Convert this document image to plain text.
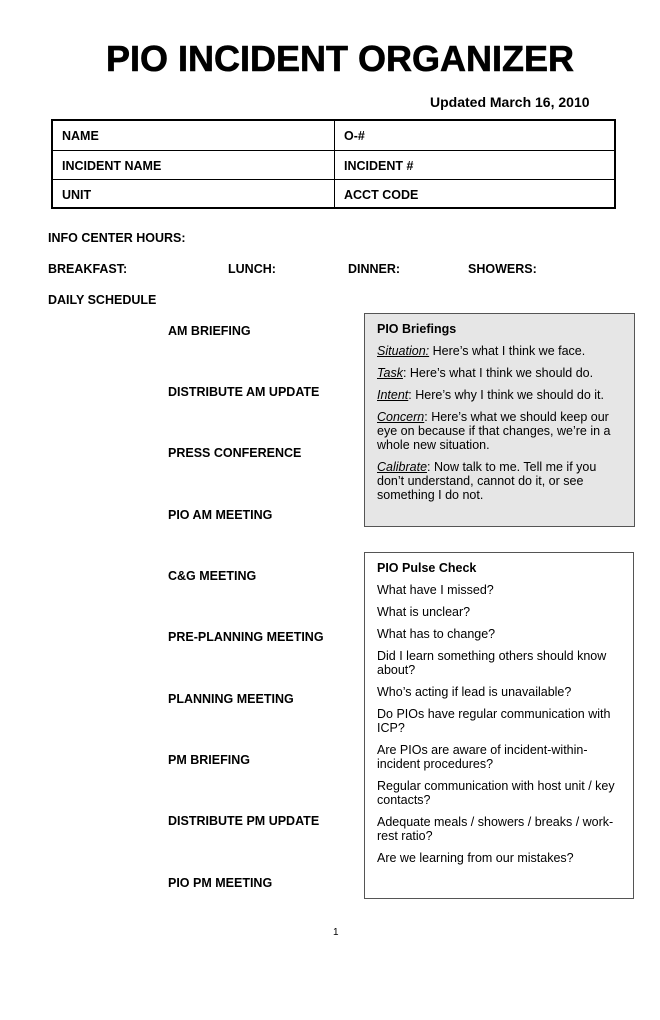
PIO INCIDENT ORGANIZER
Updated March 16, 2010
NAME	O-#
INCIDENT NAME	INCIDENT #
UNIT	ACCT CODE
INFO CENTER HOURS:
BREAKFAST:	LUNCH:	DINNER:	SHOWERS:
DAILY SCHEDULE
AM BRIEFING
DISTRIBUTE AM UPDATE
PRESS CONFERENCE
PIO AM MEETING
C&G MEETING
PRE-PLANNING MEETING
PLANNING MEETING
PM BRIEFING
DISTRIBUTE PM UPDATE
PIO PM MEETING
PIO Briefings
Situation: Here’s what I think we face.
Task: Here’s what I think we should do.
Intent: Here’s why I think we should do it.
Concern: Here’s what we should keep our eye on because if that changes, we’re in a whole new situation.
Calibrate: Now talk to me. Tell me if you don’t understand, cannot do it, or see something I do not.
PIO Pulse Check
What have I missed?
What is unclear?
What has to change?
Did I learn something others should know about?
Who’s acting if lead is unavailable?
Do PIOs have regular communication with ICP?
Are PIOs are aware of incident-within-incident procedures?
Regular communication with host unit / key contacts?
Adequate meals / showers / breaks / work-rest ratio?
Are we learning from our mistakes?
1
